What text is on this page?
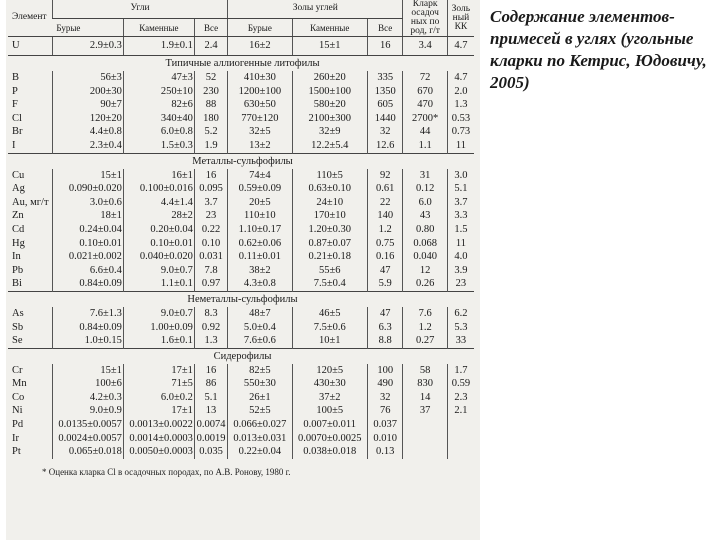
Элемент	Угли			Золы углей			Кларк осадоч ных по род, г/т	Золь ный КК
	Бурые	Каменные	Все	Бурые	Каменные	Все		
U	2.9±0.3	1.9±0.1	2.4	16±2	15±1	16	3.4	4.7
Типичные аллиогенные литофилы								
B	56±3	47±3	52	410±30	260±20	335	72	4.7
P	200±30	250±10	230	1200±100	1500±100	1350	670	2.0
F	90±7	82±6	88	630±50	580±20	605	470	1.3
Cl	120±20	340±40	180	770±120	2100±300	1440	2700*	0.53
Br	4.4±0.8	6.0±0.8	5.2	32±5	32±9	32	44	0.73
I	2.3±0.4	1.5±0.3	1.9	13±2	12.2±5.4	12.6	1.1	11
Металлы-сульфофилы								
Cu	15±1	16±1	16	74±4	110±5	92	31	3.0
Ag	0.090±0.020	0.100±0.016	0.095	0.59±0.09	0.63±0.10	0.61	0.12	5.1
Au, мг/т	3.0±0.6	4.4±1.4	3.7	20±5	24±10	22	6.0	3.7
Zn	18±1	28±2	23	110±10	170±10	140	43	3.3
Cd	0.24±0.04	0.20±0.04	0.22	1.10±0.17	1.20±0.30	1.2	0.80	1.5
Hg	0.10±0.01	0.10±0.01	0.10	0.62±0.06	0.87±0.07	0.75	0.068	11
In	0.021±0.002	0.040±0.020	0.031	0.11±0.01	0.21±0.18	0.16	0.040	4.0
Pb	6.6±0.4	9.0±0.7	7.8	38±2	55±6	47	12	3.9
Bi	0.84±0.09	1.1±0.1	0.97	4.3±0.8	7.5±0.4	5.9	0.26	23
Неметаллы-сульфофилы								
As	7.6±1.3	9.0±0.7	8.3	48±7	46±5	47	7.6	6.2
Sb	0.84±0.09	1.00±0.09	0.92	5.0±0.4	7.5±0.6	6.3	1.2	5.3
Se	1.0±0.15	1.6±0.1	1.3	7.6±0.6	10±1	8.8	0.27	33
Сидерофилы								
Cr	15±1	17±1	16	82±5	120±5	100	58	1.7
Mn	100±6	71±5	86	550±30	430±30	490	830	0.59
Co	4.2±0.3	6.0±0.2	5.1	26±1	37±2	32	14	2.3
Ni	9.0±0.9	17±1	13	52±5	100±5	76	37	2.1
Pd	0.0135±0.0057	0.0013±0.0022	0.0074	0.066±0.027	0.007±0.011	0.037		
Ir	0.0024±0.0057	0.0014±0.0003	0.0019	0.013±0.031	0.0070±0.0025	0.010		
Pt	0.065±0.018	0.0050±0.0003	0.035	0.22±0.04	0.038±0.018	0.13		
* Оценка кларка Cl в осадочных породах, по А.В. Ронову, 1980 г.
Содержание элементов-примесей в углях (угольные кларки по Кетрис, Юдовичу, 2005)
